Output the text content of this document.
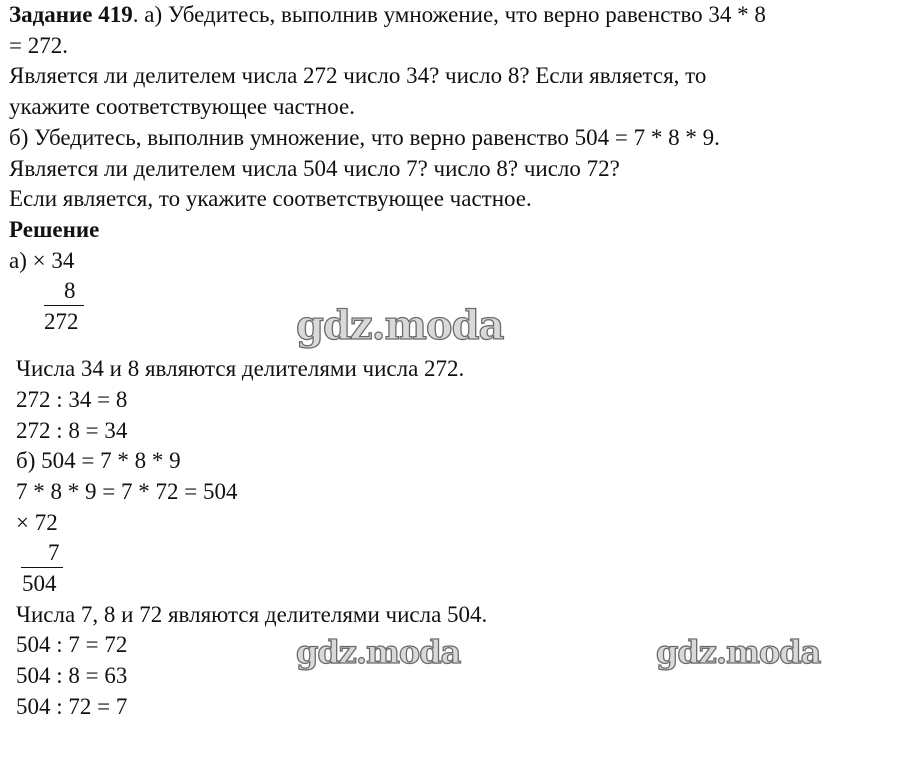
Задание 419. а) Убедитесь, выполнив умножение, что верно равенство 34 * 8

= 272.

Является ли делителем числа 272 число 34? число 8? Если является, то

укажите соответствующее частное.

б) Убедитесь, выполнив умножение, что верно равенство 504 = 7 * 8 * 9.

Является ли делителем числа 504 число 7? число 8? число 72?

Если является, то укажите соответствующее частное.

Решение

а) × 34

8
272

Числа 34 и 8 являются делителями числа 272.

272 : 34 = 8

272 : 8 = 34

б) 504 = 7 * 8 * 9

7 * 8 * 9 = 7 * 72 = 504

× 72

7
504

Числа 7, 8 и 72 являются делителями числа 504.

504 : 7 = 72

504 : 8 = 63

504 : 72 = 7

gdz.moda
gdz.moda	gdz.moda
